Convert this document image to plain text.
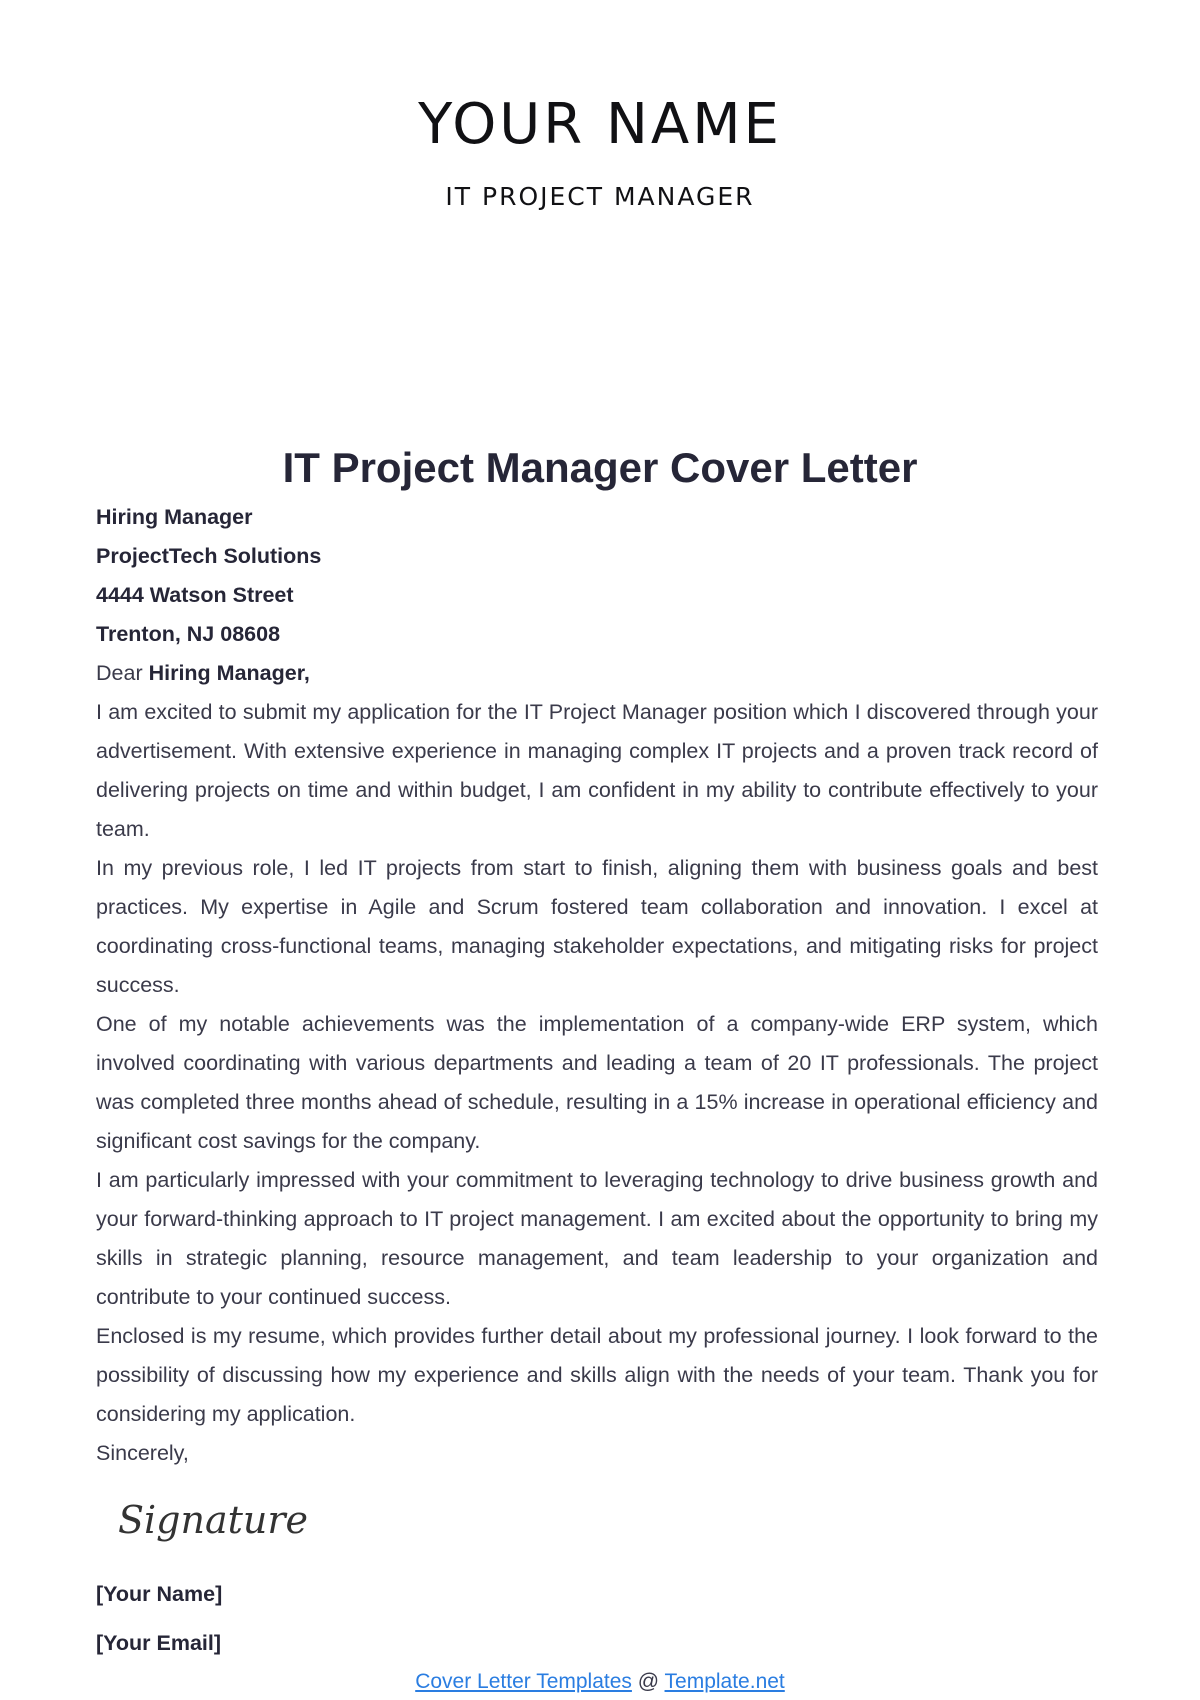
YOUR NAME
IT PROJECT MANAGER
IT Project Manager Cover Letter

Hiring Manager

ProjectTech Solutions

4444 Watson Street

Trenton, NJ 08608

Dear Hiring Manager,

I am excited to submit my application for the IT Project Manager position which I discovered through your advertisement. With extensive experience in managing complex IT projects and a proven track record of delivering projects on time and within budget, I am confident in my ability to contribute effectively to your team.

In my previous role, I led IT projects from start to finish, aligning them with business goals and best practices. My expertise in Agile and Scrum fostered team collaboration and innovation. I excel at coordinating cross-functional teams, managing stakeholder expectations, and mitigating risks for project success.

One of my notable achievements was the implementation of a company-wide ERP system, which involved coordinating with various departments and leading a team of 20 IT professionals. The project was completed three months ahead of schedule, resulting in a 15% increase in operational efficiency and significant cost savings for the company.

I am particularly impressed with your commitment to leveraging technology to drive business growth and your forward-thinking approach to IT project management. I am excited about the opportunity to bring my skills in strategic planning, resource management, and team leadership to your organization and contribute to your continued success.

Enclosed is my resume, which provides further detail about my professional journey. I look forward to the possibility of discussing how my experience and skills align with the needs of your team. Thank you for considering my application.

Sincerely,

Signature
[Your Name]
[Your Email]
Cover Letter Templates @ Template.net
